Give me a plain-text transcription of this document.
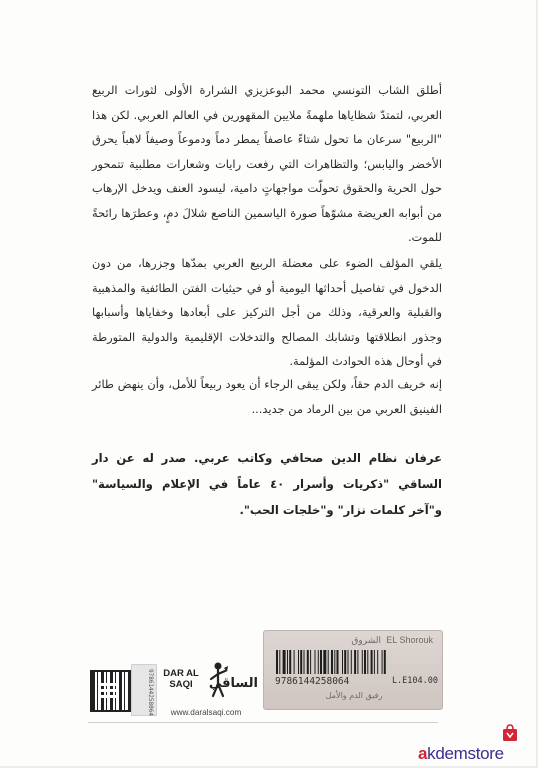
أطلق الشاب التونسي محمد البوعزيزي الشرارة الأولى لثورات الربيع العربي، لتمتدّ شظاياها ملهمةً ملايين المقهورين في العالم العربي. لكن هذا "الربيع" سرعان ما تحول شتاءً عاصفاً يمطر دماً ودموعاً وصيفاً لاهباً يحرق الأخضر واليابس؛ والتظاهرات التي رفعت رايات وشعارات مطلبية تتمحور حول الحرية والحقوق تحولّت مواجهاتٍ دامية، ليسود العنف ويدخل الإرهاب من أبوابه العريضة مشوّهاً صورة الياسمين الناصع شلالَ دمٍ، وعطرَها رائحةً للموت.

يلقي المؤلف الضوء على معضلة الربيع العربي بمدّها وجزرها، من دون الدخول في تفاصيل أحداثها اليومية أو في حيثيات الفتن الطائفية والمذهبية والقبلية والعرقية، وذلك من أجل التركيز على أبعادها وخفاياها وأسبابها وجذور انطلاقتها وتشابك المصالح والتدخلات الإقليمية والدولية المتورطة في أوحال هذه الحوادث المؤلمة.

إنه خريف الدم حقاً، ولكن يبقى الرجاء أن يعود ربيعاً للأمل، وأن ينهض طائر الفينيق العربي من بين الرماد من جديد...

عرفان نظام الدين صحافي وكاتب عربي. صدر له عن دار الساقي "ذكريات وأسرار ٤٠ عاماً في الإعلام والسياسة" و"آخر كلمات نزار" و"خلجات الحب".

9786144258064 DAR AL SAQI	الساقي
www.daralsaqi.com
الشروق EL Shorouk
9786144258064	L.E104.00
رفيق الدم والأمل
akdemstore
